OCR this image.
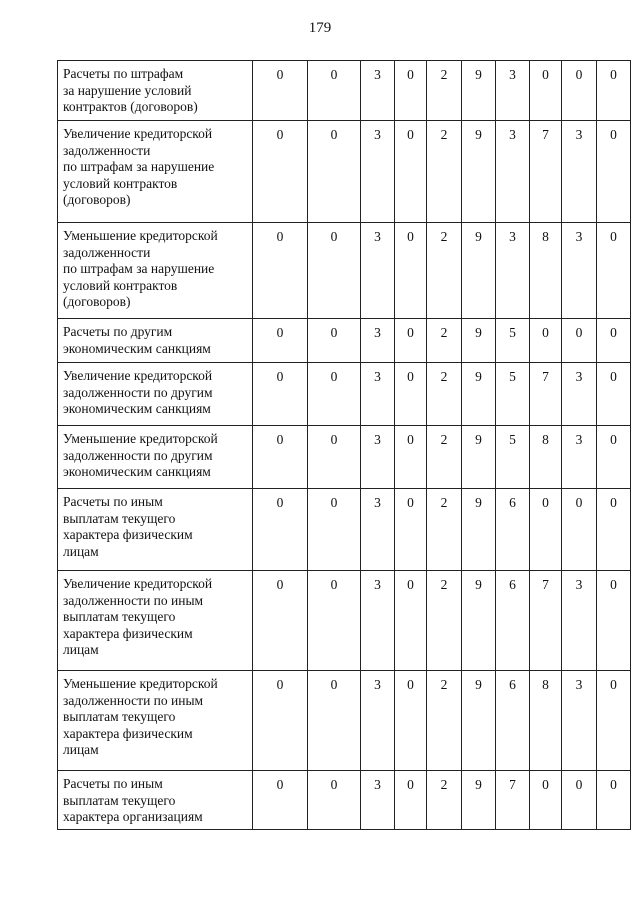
179
Расчеты по штрафам
за нарушение условий
контрактов (договоров)	0	0	3	0	2	9	3	0	0	0

Увеличение кредиторской
задолженности
по штрафам за нарушение
условий контрактов
(договоров)	0	0	3	0	2	9	3	7	3	0

Уменьшение кредиторской
задолженности
по штрафам за нарушение
условий контрактов
(договоров)	0	0	3	0	2	9	3	8	3	0

Расчеты по другим
экономическим санкциям	0	0	3	0	2	9	5	0	0	0

Увеличение кредиторской
задолженности по другим
экономическим санкциям	0	0	3	0	2	9	5	7	3	0

Уменьшение кредиторской
задолженности по другим
экономическим санкциям	0	0	3	0	2	9	5	8	3	0

Расчеты по иным
выплатам текущего
характера физическим
лицам	0	0	3	0	2	9	6	0	0	0

Увеличение кредиторской
задолженности по иным
выплатам текущего
характера физическим
лицам	0	0	3	0	2	9	6	7	3	0

Уменьшение кредиторской
задолженности по иным
выплатам текущего
характера физическим
лицам	0	0	3	0	2	9	6	8	3	0

Расчеты по иным
выплатам текущего
характера организациям	0	0	3	0	2	9	7	0	0	0
